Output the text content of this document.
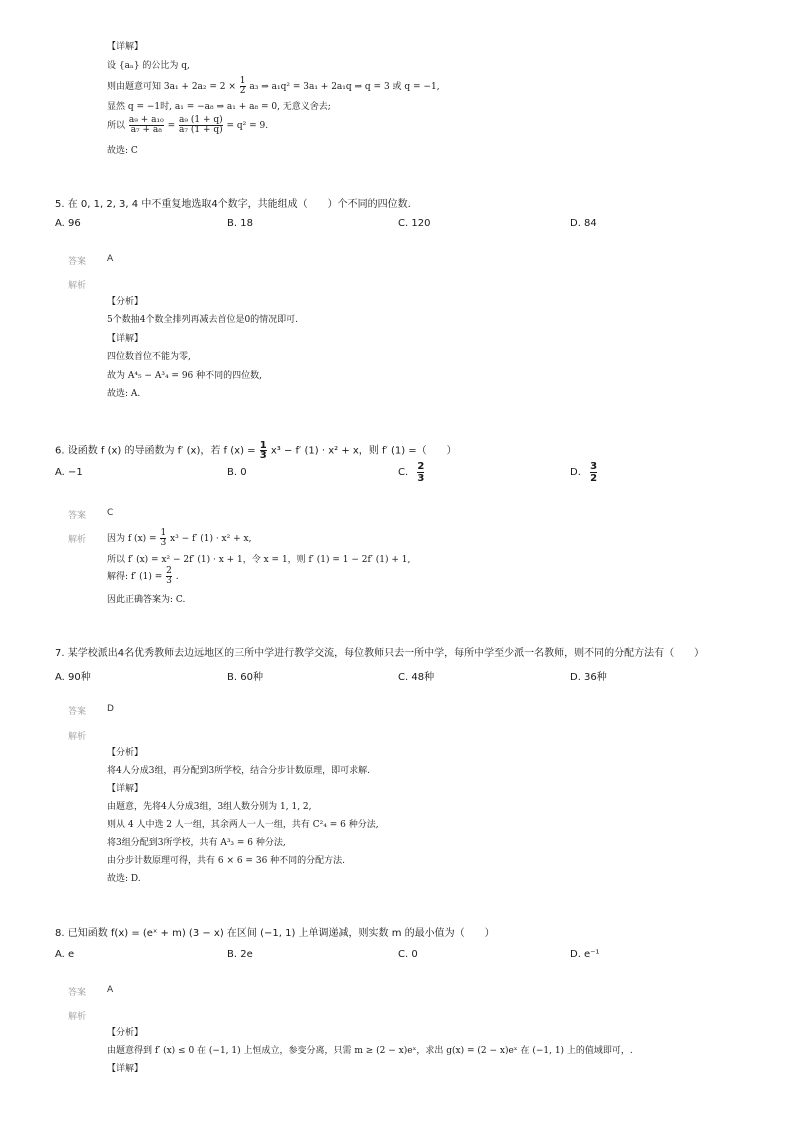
【详解】
设 {aₙ} 的公比为 q,
则由题意可知 $3a_1 + 2a_2 = 2 \times \frac{1}{2} a_3$ ⇒ a₁q² = 3a₁ + 2a₁q ⇒ q = 3 或 q = −1,
显然 q = −1时, a₁ = −a₈ ⇒ a₁ + a₈ = 0, 无意义舍去;
所以 $\frac{\text{a₉ + a₁₀}}{\text{a₇ + a₈}} = \frac{\text{a₉ (1 + q)}}{\text{a₇ (1 + q)}} = q^2 = 9$.
故选: C
5. 在 0, 1, 2, 3, 4 中不重复地选取4个数字，共能组成（　　）个不同的四位数.
A. 96	B. 18	C. 120	D. 84
答案 A
解析
【分析】
5个数抽4个数全排列再减去首位是0的情况即可.
【详解】
四位数首位不能为零,
故为 A⁴₅ − A³₄ = 96 种不同的四位数,
故选: A.
6. 设函数 f (x) 的导函数为 f′ (x)，若 f $(x) = \frac{1}{3} x^3 - f'$ (1) · x² + x，则 f′ (1) =（　　）
A. −1	B. 0	C. $\frac{2}{3}$	D. $\frac{3}{2}$
答案 C
解析 因为 f $(x) = \frac{1}{3} x^3 - f'$ (1) · x² + x,
所以 f′ (x) = x² − 2f′ (1) · x + 1，令 x = 1，则 f′ (1) = 1 − 2f′ (1) + 1,
解得: f′ $(1) = \frac{2}{3}$ .
因此正确答案为: C.
7. 某学校派出4名优秀教师去边远地区的三所中学进行教学交流，每位教师只去一所中学，每所中学至少派一名教师，则不同的分配方法有（　　）
A. 90种	B. 60种	C. 48种	D. 36种
答案 D
解析
【分析】
将4人分成3组，再分配到3所学校，结合分步计数原理，即可求解.
【详解】
由题意，先将4人分成3组，3组人数分别为 1, 1, 2,
则从 4 人中选 2 人一组，其余两人一人一组，共有 C²₄ = 6 种分法,
将3组分配到3所学校，共有 A³₃ = 6 种分法,
由分步计数原理可得，共有 6 × 6 = 36 种不同的分配方法.
故选: D.
8. 已知函数 f(x) = (eˣ + m) (3 − x) 在区间 (−1, 1) 上单调递减，则实数 m 的最小值为（　　）
A. e	B. 2e	C. 0	D. e⁻¹
答案 A
解析
【分析】
由题意得到 f′ (x) ≤ 0 在 (−1, 1) 上恒成立，参变分离，只需 m ≥ (2 − x)eˣ，求出 g(x) = (2 − x)eˣ 在 (−1, 1) 上的值域即可，.
【详解】
